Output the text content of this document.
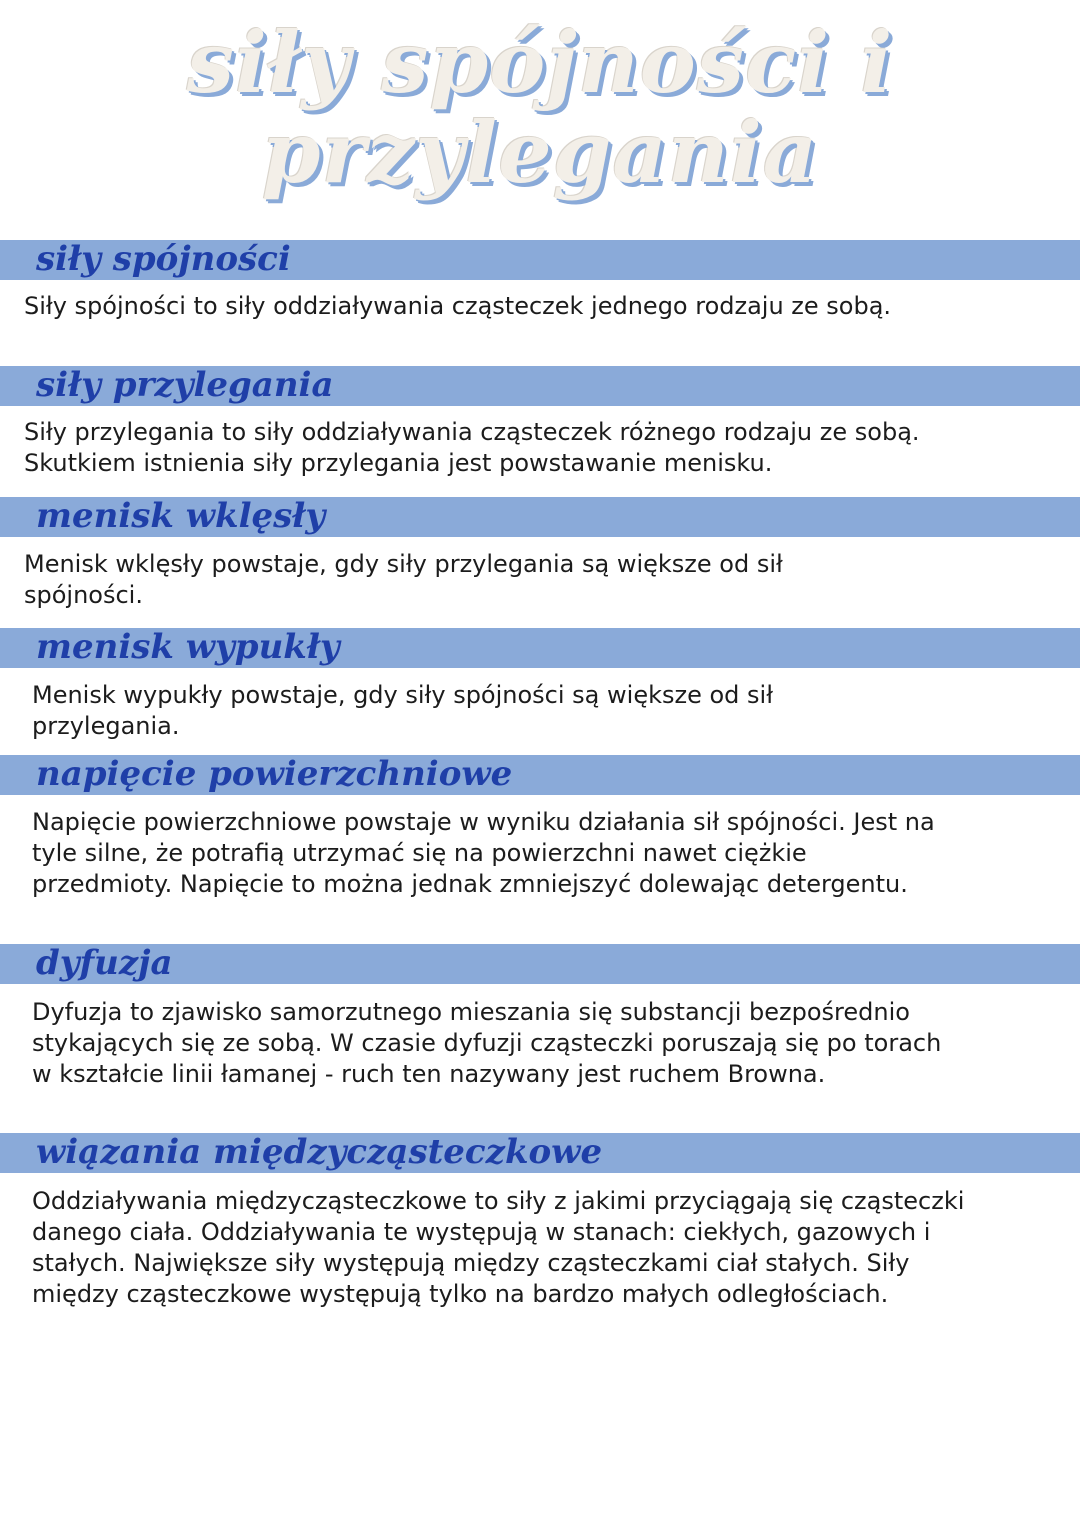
siły spójności i
przylegania
siły spójności
Siły spójności to siły oddziaływania cząsteczek jednego rodzaju ze sobą.
siły przylegania
Siły przylegania to siły oddziaływania cząsteczek różnego rodzaju ze sobą. Skutkiem istnienia siły przylegania jest powstawanie menisku.
menisk wklęsły
Menisk wklęsły powstaje, gdy siły przylegania są większe od sił spójności.
menisk wypukły
Menisk wypukły powstaje, gdy siły spójności są większe od sił przylegania.
napięcie powierzchniowe
Napięcie powierzchniowe powstaje w wyniku działania sił spójności. Jest na tyle silne, że potrafią utrzymać się na powierzchni nawet ciężkie przedmioty. Napięcie to można jednak zmniejszyć dolewając detergentu.
dyfuzja
Dyfuzja to zjawisko samorzutnego mieszania się substancji bezpośrednio stykających się ze sobą. W czasie dyfuzji cząsteczki poruszają się po torach w kształcie linii łamanej - ruch ten nazywany jest ruchem Browna.
wiązania międzycząsteczkowe
Oddziaływania międzycząsteczkowe to siły z jakimi przyciągają się cząsteczki danego ciała. Oddziaływania te występują w stanach: ciekłych, gazowych i stałych. Największe siły występują między cząsteczkami ciał stałych. Siły między cząsteczkowe występują tylko na bardzo małych odległościach.
